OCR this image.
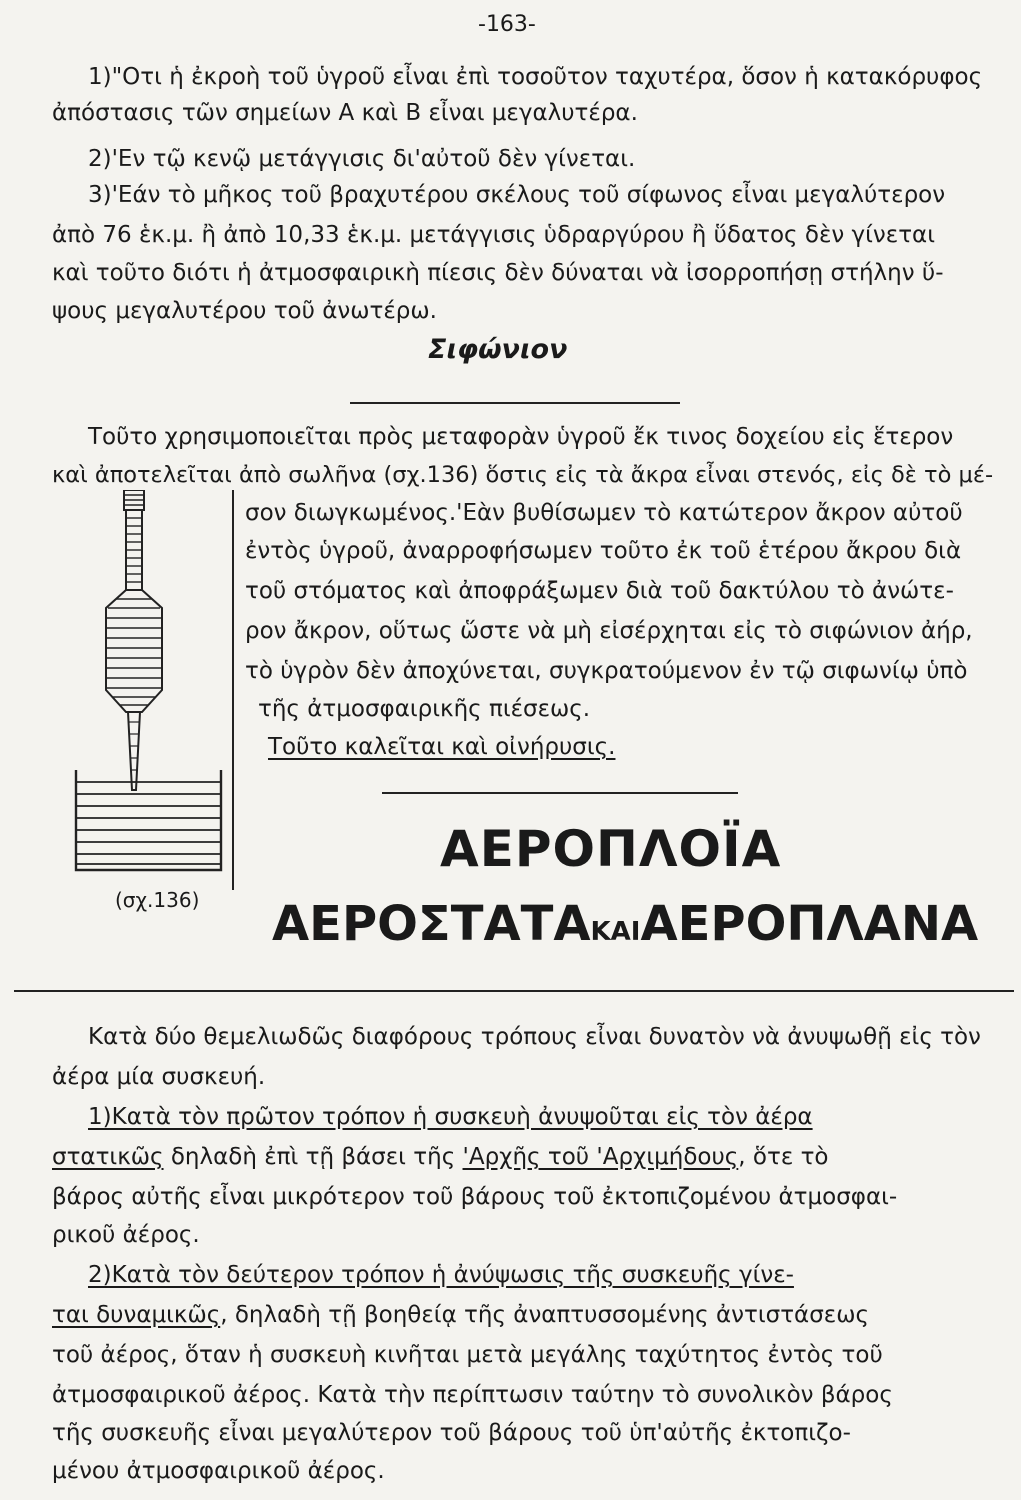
-163-
1)"Οτι ἡ ἐκροὴ τοῦ ὑγροῦ εἶναι ἐπὶ τοσοῦτον ταχυτέρα, ὅσον ἡ κατακόρυφος
ἀπόστασις τῶν σημείων Α καὶ Β εἶναι μεγαλυτέρα.
2)'Εν τῷ κενῷ μετάγγισις δι'αὐτοῦ δὲν γίνεται.
3)'Εάν τὸ μῆκος τοῦ βραχυτέρου σκέλους τοῦ σίφωνος εἶναι μεγαλύτερον
ἀπὸ 76 ἑκ.μ. ἢ ἀπὸ 10,33 ἑκ.μ. μετάγγισις ὑδραργύρου ἢ ὕδατος δὲν γίνεται
καὶ τοῦτο διότι ἡ ἀτμοσφαιρικὴ πίεσις δὲν δύναται νὰ ἰσορροπήσῃ στήλην ὕ-
ψους μεγαλυτέρου τοῦ ἀνωτέρω.
Σιφώνιον
Τοῦτο χρησιμοποιεῖται πρὸς μεταφορὰν ὑγροῦ ἔκ τινος δοχείου εἰς ἕτερον
καὶ ἀποτελεῖται ἀπὸ σωλῆνα (σχ.136) ὅστις εἰς τὰ ἄκρα εἶναι στενός, εἰς δὲ τὸ μέ-
σον διωγκωμένος.'Εὰν βυθίσωμεν τὸ κατώτερον ἄκρον αὐτοῦ
ἐντὸς ὑγροῦ, ἀναρροφήσωμεν τοῦτο ἐκ τοῦ ἑτέρου ἄκρου διὰ
τοῦ στόματος καὶ ἀποφράξωμεν διὰ τοῦ δακτύλου τὸ ἀνώτε-
ρον ἄκρον, οὕτως ὥστε νὰ μὴ εἰσέρχηται εἰς τὸ σιφώνιον ἀήρ,
τὸ ὑγρὸν δὲν ἀποχύνεται, συγκρατούμενον ἐν τῷ σιφωνίῳ ὑπὸ
τῆς ἀτμοσφαιρικῆς πιέσεως.
Τοῦτο καλεῖται καὶ οἰνήρυσις.
(σχ.136)
ΑΕΡΟΠΛΟΪΑ
ΑΕΡΟΣΤΑΤΑΚΑΙΑΕΡΟΠΛΑΝΑ
Κατὰ δύο θεμελιωδῶς διαφόρους τρόπους εἶναι δυνατὸν νὰ ἀνυψωθῇ εἰς τὸν
ἀέρα μία συσκευή.
1)Κατὰ τὸν πρῶτον τρόπον ἡ συσκευὴ ἀνυψοῦται εἰς τὸν ἀέρα
στατικῶς δηλαδὴ ἐπὶ τῇ βάσει τῆς 'Αρχῆς τοῦ 'Αρχιμήδους, ὅτε τὸ
βάρος αὐτῆς εἶναι μικρότερον τοῦ βάρους τοῦ ἐκτοπιζομένου ἀτμοσφαι-
ρικοῦ ἀέρος.
2)Κατὰ τὸν δεύτερον τρόπον ἡ ἀνύψωσις τῆς συσκευῆς γίνε-
ται δυναμικῶς, δηλαδὴ τῇ βοηθείᾳ τῆς ἀναπτυσσομένης ἀντιστάσεως
τοῦ ἀέρος, ὅταν ἡ συσκευὴ κινῆται μετὰ μεγάλης ταχύτητος ἐντὸς τοῦ
ἀτμοσφαιρικοῦ ἀέρος. Κατὰ τὴν περίπτωσιν ταύτην τὸ συνολικὸν βάρος
τῆς συσκευῆς εἶναι μεγαλύτερον τοῦ βάρους τοῦ ὑπ'αὐτῆς ἐκτοπιζο-
μένου ἀτμοσφαιρικοῦ ἀέρος.
